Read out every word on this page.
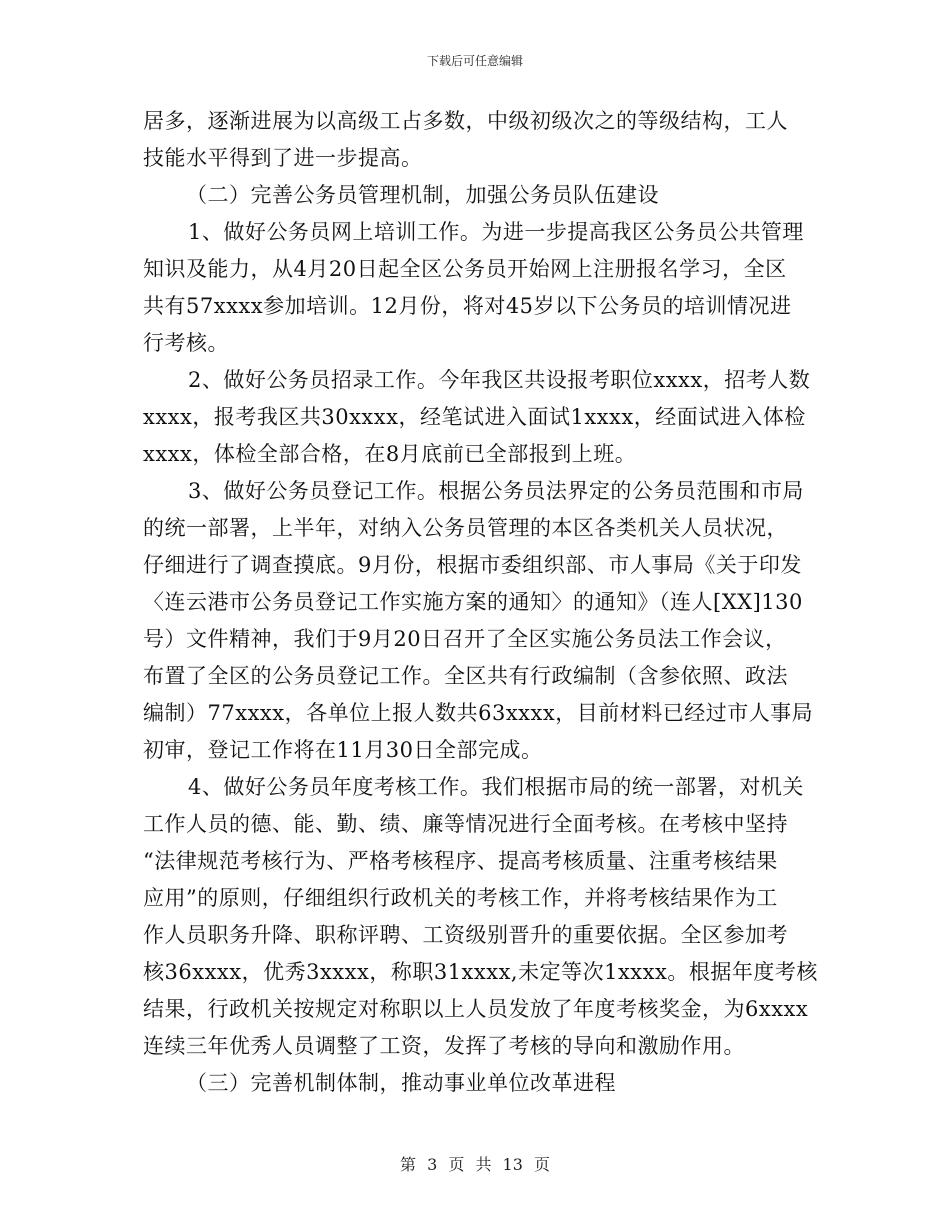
下载后可任意编辑
居多，逐渐进展为以高级工占多数，中级初级次之的等级结构，工人
技能水平得到了进一步提高。
（二）完善公务员管理机制，加强公务员队伍建设
1、做好公务员网上培训工作。为进一步提高我区公务员公共管理
知识及能力，从4月20日起全区公务员开始网上注册报名学习，全区
共有57xxxx参加培训。12月份，将对45岁以下公务员的培训情况进
行考核。
2、做好公务员招录工作。今年我区共设报考职位xxxx，招考人数
xxxx，报考我区共30xxxx，经笔试进入面试1xxxx，经面试进入体检
xxxx，体检全部合格，在8月底前已全部报到上班。
3、做好公务员登记工作。根据公务员法界定的公务员范围和市局
的统一部署，上半年，对纳入公务员管理的本区各类机关人员状况，
仔细进行了调查摸底。9月份，根据市委组织部、市人事局《关于印发
〈连云港市公务员登记工作实施方案的通知〉的通知》（连人[XX]130
号）文件精神，我们于9月20日召开了全区实施公务员法工作会议，
布置了全区的公务员登记工作。全区共有行政编制（含参依照、政法
编制）77xxxx，各单位上报人数共63xxxx，目前材料已经过市人事局
初审，登记工作将在11月30日全部完成。
4、做好公务员年度考核工作。我们根据市局的统一部署，对机关
工作人员的德、能、勤、绩、廉等情况进行全面考核。在考核中坚持
“法律规范考核行为、严格考核程序、提高考核质量、注重考核结果
应用”的原则，仔细组织行政机关的考核工作，并将考核结果作为工
作人员职务升降、职称评聘、工资级别晋升的重要依据。全区参加考
核36xxxx，优秀3xxxx，称职31xxxx,未定等次1xxxx。根据年度考核
结果，行政机关按规定对称职以上人员发放了年度考核奖金，为6xxxx
连续三年优秀人员调整了工资，发挥了考核的导向和激励作用。
（三）完善机制体制，推动事业单位改革进程
第 3 页 共 13 页
